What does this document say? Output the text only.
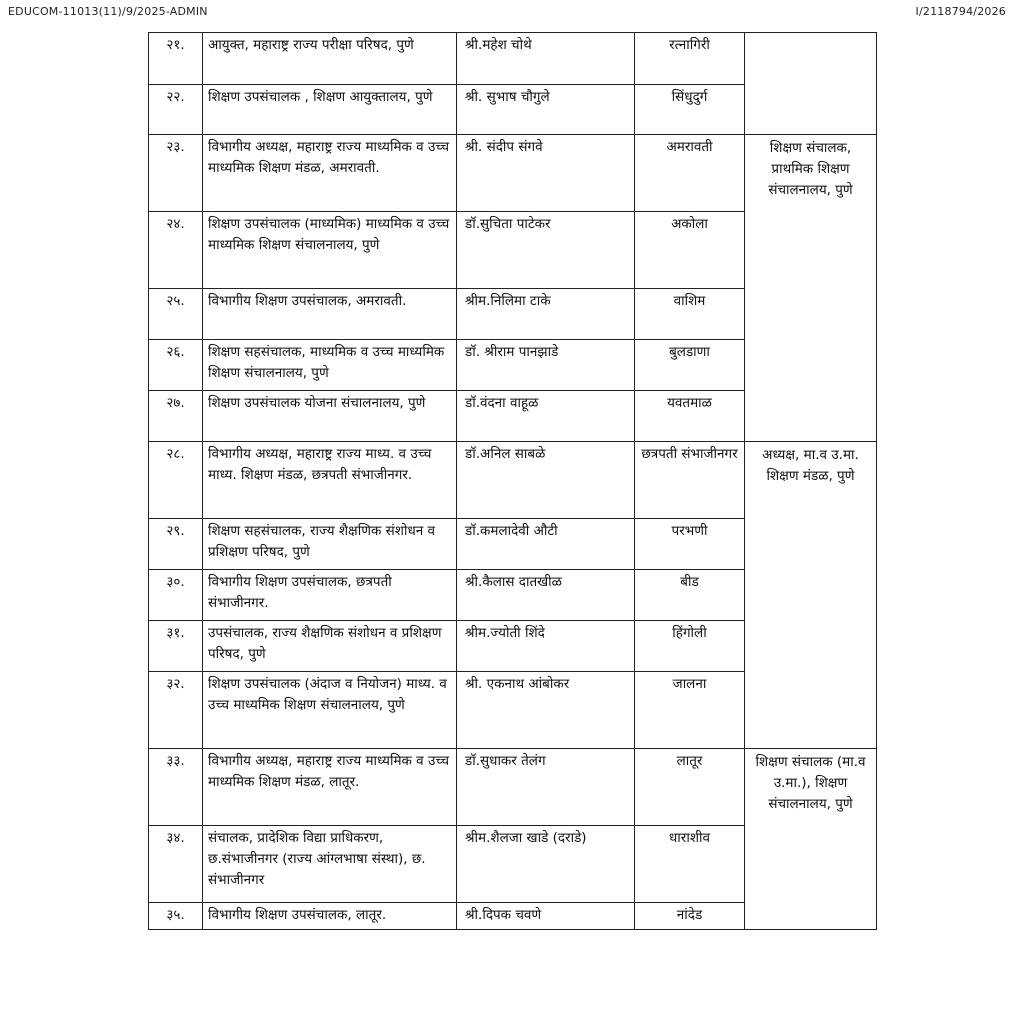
EDUCOM-11013(11)/9/2025-ADMIN	I/2118794/2026
२१.	आयुक्त, महाराष्ट्र राज्य परीक्षा परिषद, पुणे	श्री.महेश चोथे	रत्नागिरी	
२२.	शिक्षण उपसंचालक , शिक्षण आयुक्तालय, पुणे	श्री. सुभाष चौगुले	सिंधुदुर्ग	
२३.	विभागीय अध्यक्ष, महाराष्ट्र राज्य माध्यमिक व उच्च माध्यमिक शिक्षण मंडळ, अमरावती.	श्री. संदीप संगवे	अमरावती	शिक्षण संचालक, प्राथमिक शिक्षण संचालनालय, पुणे
२४.	शिक्षण उपसंचालक (माध्यमिक) माध्यमिक व उच्च माध्यमिक शिक्षण संचालनालय, पुणे	डॉ.सुचिता पाटेकर	अकोला	
२५.	विभागीय शिक्षण उपसंचालक, अमरावती.	श्रीम.निलिमा टाके	वाशिम	
२६.	शिक्षण सहसंचालक, माध्यमिक व उच्च माध्यमिक शिक्षण संचालनालय, पुणे	डॉ. श्रीराम पानझाडे	बुलडाणा	
२७.	शिक्षण उपसंचालक योजना संचालनालय, पुणे	डॉ.वंदना वाहूळ	यवतमाळ	
२८.	विभागीय अध्यक्ष, महाराष्ट्र राज्य माध्य. व उच्च माध्य. शिक्षण मंडळ, छत्रपती संभाजीनगर.	डॉ.अनिल साबळे	छत्रपती संभाजीनगर	अध्यक्ष, मा.व उ.मा. शिक्षण मंडळ, पुणे
२९.	शिक्षण सहसंचालक, राज्य शैक्षणिक संशोधन व प्रशिक्षण परिषद, पुणे	डॉ.कमलादेवी औटी	परभणी	
३०.	विभागीय शिक्षण उपसंचालक, छत्रपती संभाजीनगर.	श्री.कैलास दातखीळ	बीड	
३१.	उपसंचालक, राज्य शैक्षणिक संशोधन व प्रशिक्षण परिषद, पुणे	श्रीम.ज्योती शिंदे	हिंगोली	
३२.	शिक्षण उपसंचालक (अंदाज व नियोजन) माध्य. व उच्च माध्यमिक शिक्षण संचालनालय, पुणे	श्री. एकनाथ आंबोकर	जालना	
३३.	विभागीय अध्यक्ष, महाराष्ट्र राज्य माध्यमिक व उच्च माध्यमिक शिक्षण मंडळ, लातूर.	डॉ.सुधाकर तेलंग	लातूर	शिक्षण संचालक (मा.व उ.मा.), शिक्षण संचालनालय, पुणे
३४.	संचालक, प्रादेशिक विद्या प्राधिकरण, छ.संभाजीनगर (राज्य आंग्लभाषा संस्था), छ. संभाजीनगर	श्रीम.शैलजा खाडे (दराडे)	धाराशीव	
३५.	विभागीय शिक्षण उपसंचालक, लातूर.	श्री.दिपक चवणे	नांदेड	
